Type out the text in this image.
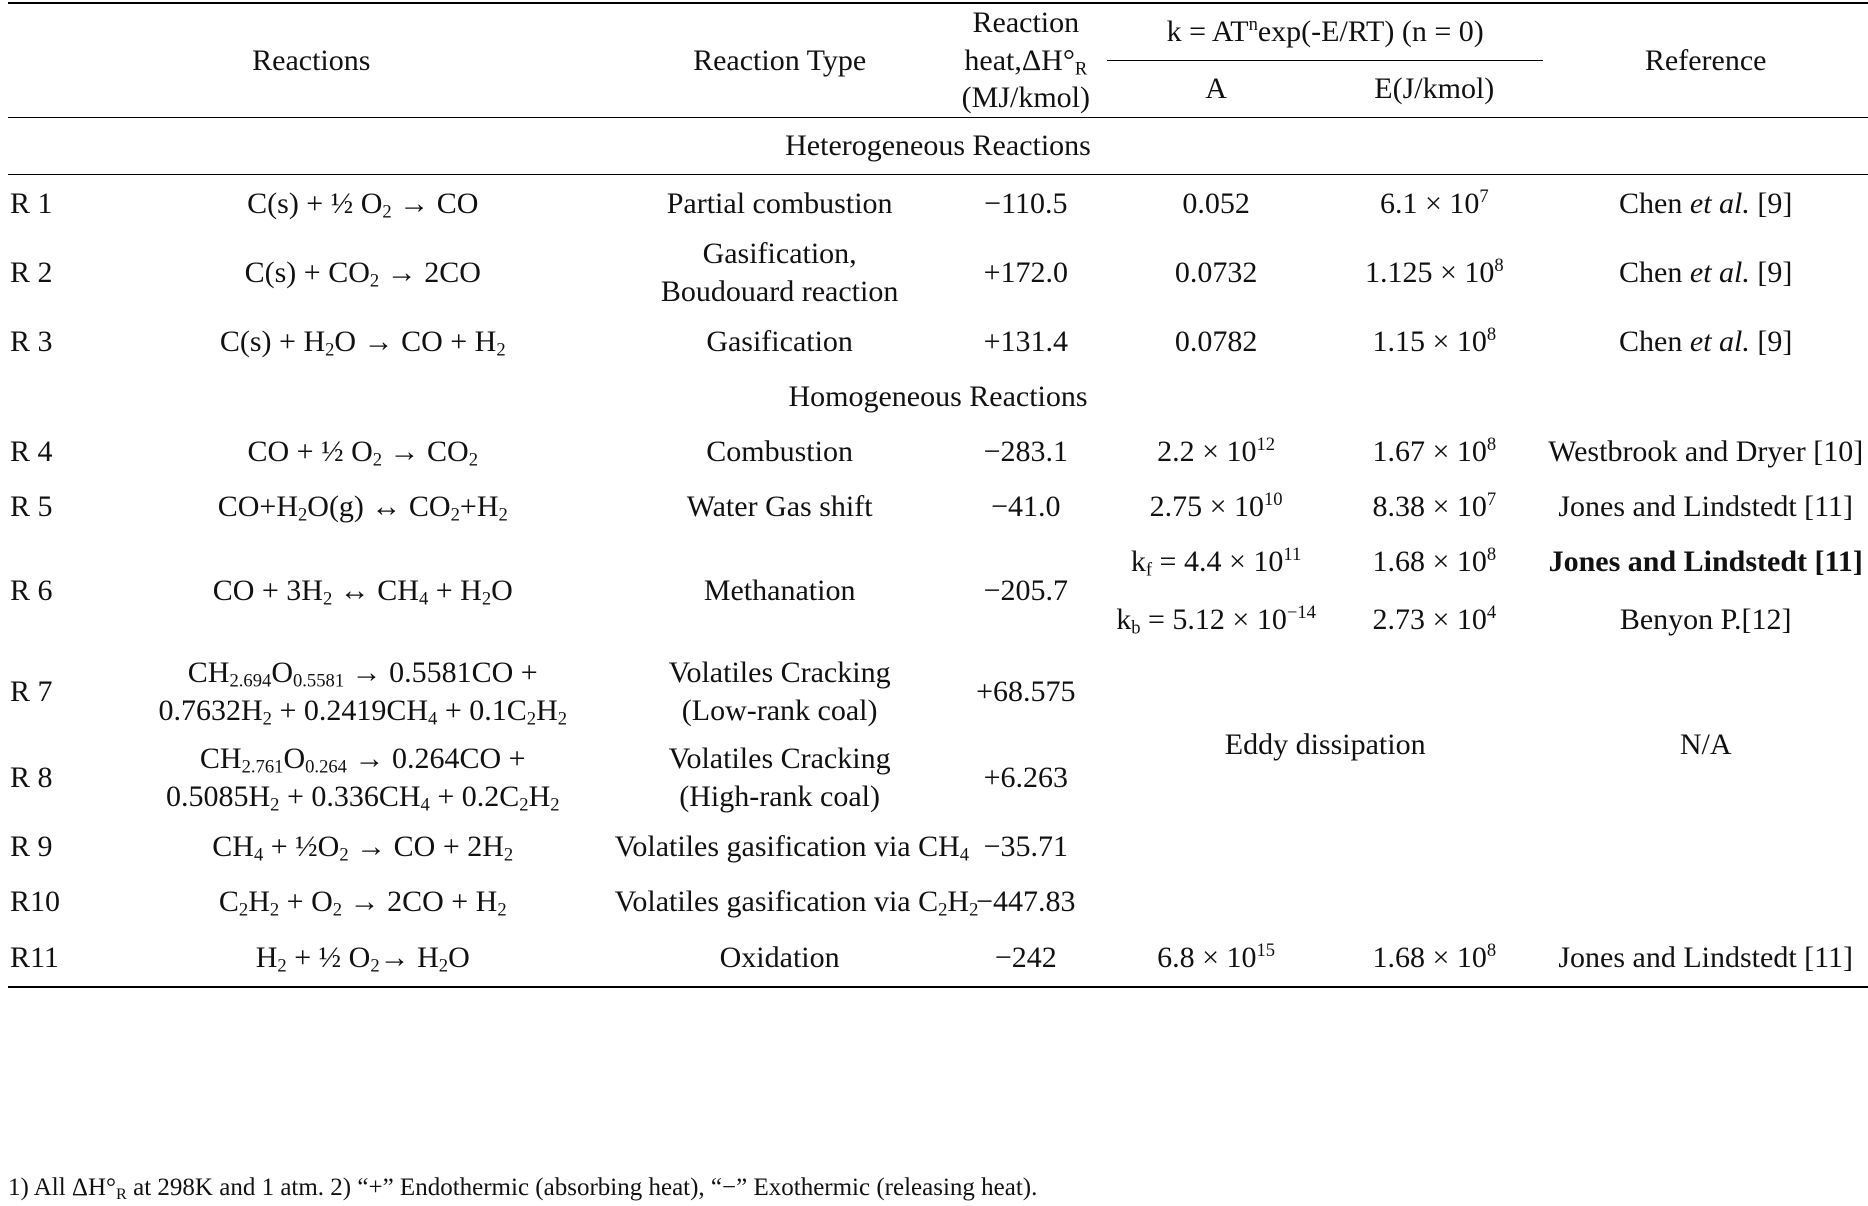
Reactions		Reaction Type	Reaction
$heat,\Delta H^\circ_R$
(MJ/kmol)	$k = AT^n\exp(-E/RT) (n = 0)$		Reference
				A	E(J/kmol)	
Heterogeneous Reactions						
R 1	C(s) + ½ $O_2$ → CO	Partial combustion	−110.5	0.052	$6.1 \times 10^7$	Chen et al. [9]
R 2	$C(s) + CO_2 \to 2CO$	Gasification,
Boudouard reaction	+172.0	0.0732	$1.125 \times 10^8$	Chen et al. [9]
R 3	$C(s) + H_2O$ → CO + $H_2$	Gasification	+131.4	0.0782	$1.15 \times 10^8$	Chen et al. [9]
Homogeneous Reactions						
R 4	CO + ½ $O_2 \to CO_2$	Combustion	−283.1	$2.2 \times 10^{12}$	$1.67 \times 10^8$	Westbrook and Dryer [10]
R 5	$CO+H_2O(g)$ ↔ $CO_2+H_2$	Water Gas shift	−41.0	$2.75 \times 10^{10}$	$8.38 \times 10^7$	Jones and Lindstedt [11]
R 6	CO + $3H_2$ ↔ $CH_4 + H_2O$	Methanation	−205.7	$k_f = 4.4 \times 10^{11}$	$1.68 \times 10^8$	Jones and Lindstedt [11]
				$k_b = 5.12 \times 10^{-14}$	$2.73 \times 10^4$	Benyon P.[12]
R 7	$CH_{2.694}O_{0.5581} \to 0.5581CO$ +
$0.7632H_2 + 0.2419CH_4 + 0.1C_2H_2$	Volatiles Cracking
(Low-rank coal)	+68.575	Eddy dissipation		N/A
R 8	$CH_{2.761}O_{0.264} \to 0.264CO$ +
$0.5085H_2 + 0.336CH_4 + 0.2C_2H_2$	Volatiles Cracking
(High-rank coal)	+6.263			
R 9	$CH_4$ + $\frac{1}{2}O_2$ → CO + $2H_2$	Volatiles gasification via $CH_4$	−35.71			
R10	$C_2H_2 + O_2 \to 2CO + H_2$	Volatiles gasification via $C_2H_2$	−447.83			
R11	$H_2$ + ½ $O_2\to H_2O$	Oxidation	−242	$6.8 \times 10^{15}$	$1.68 \times 10^8$	Jones and Lindstedt [11]
1) All $\Delta H^\circ_R$ at 298K and 1 atm. 2) “+” Endothermic (absorbing heat), “−” Exothermic (releasing heat).
